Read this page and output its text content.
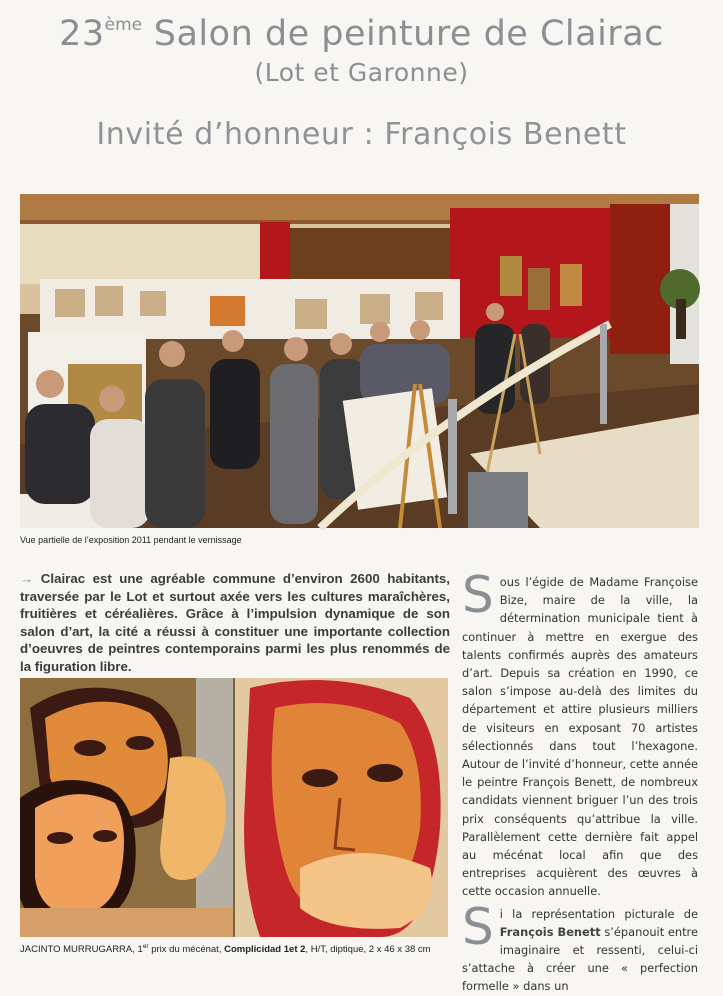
23ème Salon de peinture de Clairac
(Lot et Garonne)
Invité d’honneur : François Benett
Vue partielle de l’exposition 2011 pendant le vernissage
→ Clairac est une agréable commune d’environ 2600 habitants, traversée par le Lot et surtout axée vers les cultures maraîchères, fruitières et céréalières. Grâce à l’impulsion dynamique de son salon d’art, la cité a réussi à constituer une importante collection d’oeuvres de peintres contemporains parmi les plus renommés de la figuration libre.
JACINTO MURRUGARRA, 1er prix du mécénat, Complicidad 1et 2, H/T, diptique, 2 x 46 x 38 cm
S ous l’égide de Madame Françoise Bize, maire de la ville, la détermination municipale tient à continuer à mettre en exergue des talents confirmés auprès des amateurs d’art. Depuis sa création en 1990, ce salon s’impose au-delà des limites du département et attire plusieurs milliers de visiteurs en exposant 70 artistes sélectionnés dans tout l’hexagone. Autour de l’invité d’honneur, cette année le peintre François Benett, de nombreux candidats viennent briguer l’un des trois prix conséquents qu’attribue la ville. Parallèlement cette dernière fait appel au mécénat local afin que des entreprises acquièrent des œuvres à cette occasion annuelle.

S i la représentation picturale de François Benett s’épanouit entre imaginaire et ressenti, celui-ci s’attache à créer une « perfection formelle » dans un
